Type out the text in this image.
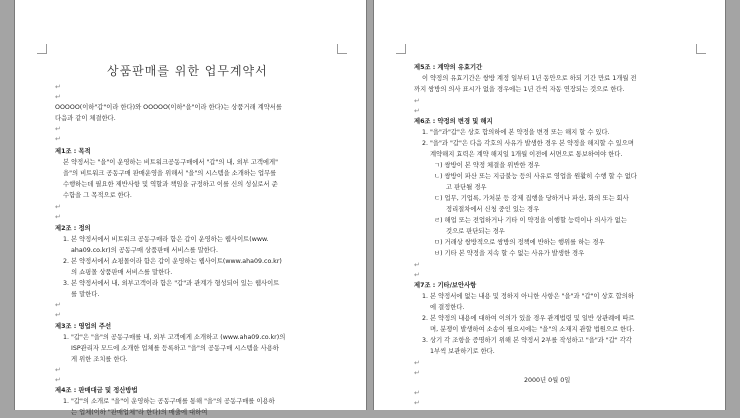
상품판매를 위한 업무계약서
↵
↵
OOOOO(이하"갑"이라 한다)와 OOOOO(이하"을"이라 한다)는 상품거래 계약서를
다음과 같이 체결한다.
↵
↵
제1조 : 목적
본 약정서는 "을"이 운영하는 비트워크공동구매에서 "갑"의 내, 외부 고객에게"
을"의 비트워크 공동구매 판매운영을 위해서 "을"의 시스템을 소개하는 업무를
수행하는데 필요한 제반사항 및 역할과 책임을 규정하고 이를 신의 성실로서 준
수함을 그 목적으로 한다.
↵
↵
제2조 : 정의
1. 본 약정서에서 비트워크 공동구매라 함은 갑이 운영하는 웹사이트(www.
aha09.co.kr)의 공동구매 상품판매 서비스를 말한다.
2. 본 약정서에서 쇼핑몰이라 함은 갑이 운영하는 웹사이트(www.aha09.co.kr)
의 쇼핑몰 상품판매 서비스를 말한다.
3. 본 약정서에서 내, 외부고객이라 함은 "갑"과 관계가 형성되어 있는 웹사이트
를 말한다.
↵
↵
제3조 : 영업의 주선
1. "갑"은 "을"의 공동구매를 내, 외부 고객에게 소개하고 (www.aha09.co.kr)의
ISP관리자 모드에 소개한 업체를 등록하고 "을"의 공동구매 시스템을 사용하
게 위한 조치를 한다.
↵
↵
제4조 : 판매대금 및 정산방법
1. "갑"의 소개로 "을"이 운영하는 공동구매를 통해 "을"의 공동구매를 이용하
는 업체(이하 "판매업체"라 한다)의 매출에 대하여
제5조 : 계약의 유효기간
이 약정의 유효기간은 쌍방 계정 일부터 1년 동안으로 하되 기간 만료 1개월 전
까지 쌍방의 의사 표시가 없을 경우에는 1년 간씩 자동 연장되는 것으로 한다.
↵
↵
제6조 : 약정의 변경 및 해지
1. "을"과"갑"은 상호 합의하에 본 약정을 변경 또는 해지 할 수 있다.
2. "을"과 "갑"은 다음 각호의 사유가 발생한 경우 본 약정을 해지할 수 있으며
계약해지 효력은 계약 해지일 1개월 이전에 서면으로 통보하여야 한다.
ㄱ) 쌍방이 본 약정 체결을 위반한 경우
ㄴ) 쌍방이 파산 또는 지급불능 등의 사유로 영업을 원활히 수행 할 수 없다
고 판단될 경우
ㄷ) 업무, 기업록, 가처분 등 강제 집행을 당하거나 파산, 화의 또는 회사
정리절차에서 신청 중인 있는 경우
ㄹ) 해업 또는 전업하거나 기타 이 약정을 이행할 능력이나 의사가 없는
것으로 판단되는 경우
ㅁ) 거래상 쌍방적으로 쌍방의 정책에 반하는 행위를 하는 경우
ㅂ) 기타 본 약정을 지속 할 수 없는 사유가 발생한 경우
↵
↵
제7조 : 기타/보안사항
1. 본 약정서에 없는 내용 및 정하지 아니한 사항은 "을"과 "갑"이 상호 합의하
에 결정한다.
2. 본 약정의 내용에 대하여 이의가 있을 경우 관계법령 및 일반 상관례에 따르
며, 분쟁이 발생하여 소송이 필요시에는 "을"의 소재지 관할 법원으로 한다.
3. 상기 각 조항을 증명하기 위해 본 약정서 2부를 작성하고 "을"과 "갑" 각각
1부씩 보관하기로 한다.
↵
↵
2000년 0월 0일
↵
↵
